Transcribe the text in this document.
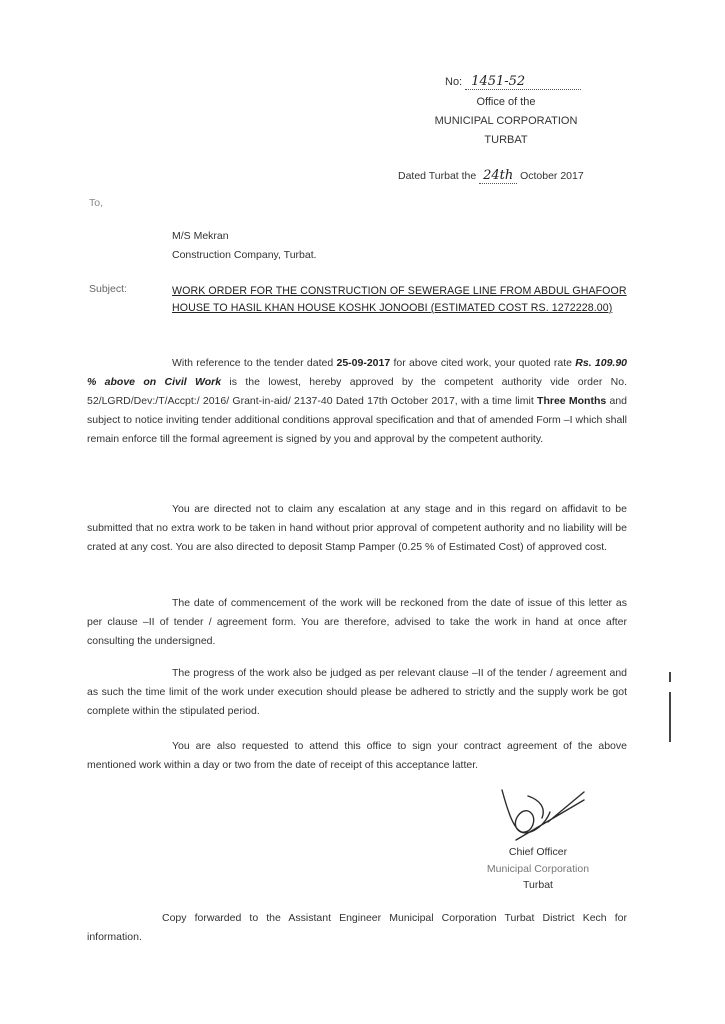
No: 1451-52
Office of the
MUNICIPAL CORPORATION
TURBAT
Dated Turbat the 24th October 2017
To,
M/S Mekran
Construction Company, Turbat.
Subject:	WORK ORDER FOR THE CONSTRUCTION OF SEWERAGE LINE FROM ABDUL GHAFOOR HOUSE TO HASIL KHAN HOUSE KOSHK JONOOBI (ESTIMATED COST RS. 1272228.00)
With reference to the tender dated 25-09-2017 for above cited work, your quoted rate Rs. 109.90 % above on Civil Work is the lowest, hereby approved by the competent authority vide order No. 52/LGRD/Dev:/T/Accpt:/ 2016/ Grant-in-aid/ 2137-40 Dated 17th October 2017, with a time limit Three Months and subject to notice inviting tender additional conditions approval specification and that of amended Form –I which shall remain enforce till the formal agreement is signed by you and approval by the competent authority.
You are directed not to claim any escalation at any stage and in this regard on affidavit to be submitted that no extra work to be taken in hand without prior approval of competent authority and no liability will be crated at any cost. You are also directed to deposit Stamp Pamper (0.25 % of Estimated Cost) of approved cost.
The date of commencement of the work will be reckoned from the date of issue of this letter as per clause –II of tender / agreement form. You are therefore, advised to take the work in hand at once after consulting the undersigned.
The progress of the work also be judged as per relevant clause –II of the tender / agreement and as such the time limit of the work under execution should please be adhered to strictly and the supply work be got complete within the stipulated period.
You are also requested to attend this office to sign your contract agreement of the above mentioned work within a day or two from the date of receipt of this acceptance latter.
Chief Officer
Municipal Corporation
Turbat
Copy forwarded to the Assistant Engineer Municipal Corporation Turbat District Kech for information.
